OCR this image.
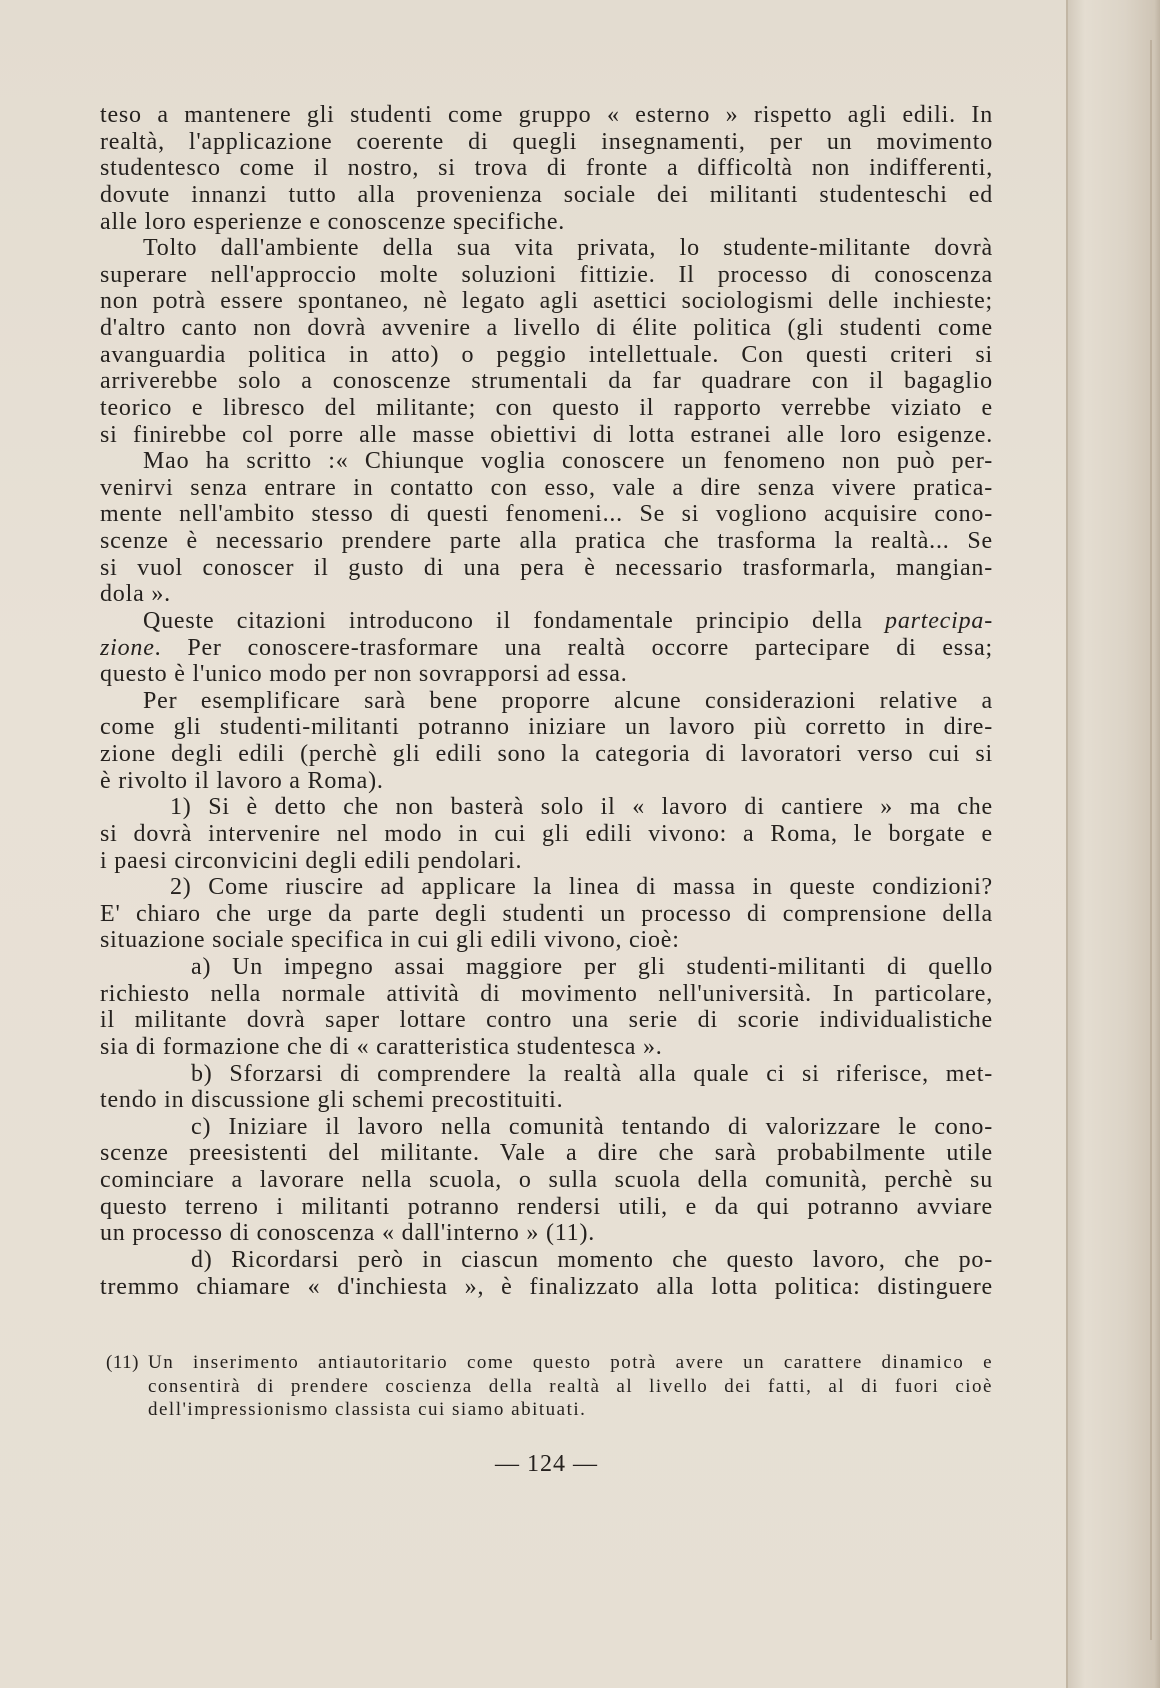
teso a mantenere gli studenti come gruppo « esterno » rispetto agli edili. In
realtà, l'applicazione coerente di quegli insegnamenti, per un movimento
studentesco come il nostro, si trova di fronte a difficoltà non indifferenti,
dovute innanzi tutto alla provenienza sociale dei militanti studenteschi ed
alle loro esperienze e conoscenze specifiche.
Tolto dall'ambiente della sua vita privata, lo studente-militante dovrà
superare nell'approccio molte soluzioni fittizie. Il processo di conoscenza
non potrà essere spontaneo, nè legato agli asettici sociologismi delle inchieste;
d'altro canto non dovrà avvenire a livello di élite politica (gli studenti come
avanguardia politica in atto) o peggio intellettuale. Con questi criteri si
arriverebbe solo a conoscenze strumentali da far quadrare con il bagaglio
teorico e libresco del militante; con questo il rapporto verrebbe viziato e
si finirebbe col porre alle masse obiettivi di lotta estranei alle loro esigenze.
Mao ha scritto :« Chiunque voglia conoscere un fenomeno non può per-
venirvi senza entrare in contatto con esso, vale a dire senza vivere pratica-
mente nell'ambito stesso di questi fenomeni... Se si vogliono acquisire cono-
scenze è necessario prendere parte alla pratica che trasforma la realtà... Se
si vuol conoscer il gusto di una pera è necessario trasformarla, mangian-
dola ».
Queste citazioni introducono il fondamentale principio della partecipa-
zione. Per conoscere-trasformare una realtà occorre partecipare di essa;
questo è l'unico modo per non sovrapporsi ad essa.
Per esemplificare sarà bene proporre alcune considerazioni relative a
come gli studenti-militanti potranno iniziare un lavoro più corretto in dire-
zione degli edili (perchè gli edili sono la categoria di lavoratori verso cui si
è rivolto il lavoro a Roma).
1) Si è detto che non basterà solo il « lavoro di cantiere » ma che
si dovrà intervenire nel modo in cui gli edili vivono: a Roma, le borgate e
i paesi circonvicini degli edili pendolari.
2) Come riuscire ad applicare la linea di massa in queste condizioni?
E' chiaro che urge da parte degli studenti un processo di comprensione della
situazione sociale specifica in cui gli edili vivono, cioè:
a) Un impegno assai maggiore per gli studenti-militanti di quello
richiesto nella normale attività di movimento nell'università. In particolare,
il militante dovrà saper lottare contro una serie di scorie individualistiche
sia di formazione che di « caratteristica studentesca ».
b) Sforzarsi di comprendere la realtà alla quale ci si riferisce, met-
tendo in discussione gli schemi precostituiti.
c) Iniziare il lavoro nella comunità tentando di valorizzare le cono-
scenze preesistenti del militante. Vale a dire che sarà probabilmente utile
cominciare a lavorare nella scuola, o sulla scuola della comunità, perchè su
questo terreno i militanti potranno rendersi utili, e da qui potranno avviare
un processo di conoscenza « dall'interno » (11).
d) Ricordarsi però in ciascun momento che questo lavoro, che po-
tremmo chiamare « d'inchiesta », è finalizzato alla lotta politica: distinguere
(11) Un inserimento antiautoritario come questo potrà avere un carattere dinamico e
consentirà di prendere coscienza della realtà al livello dei fatti, al di fuori cioè
dell'impressionismo classista cui siamo abituati.
— 124 —
